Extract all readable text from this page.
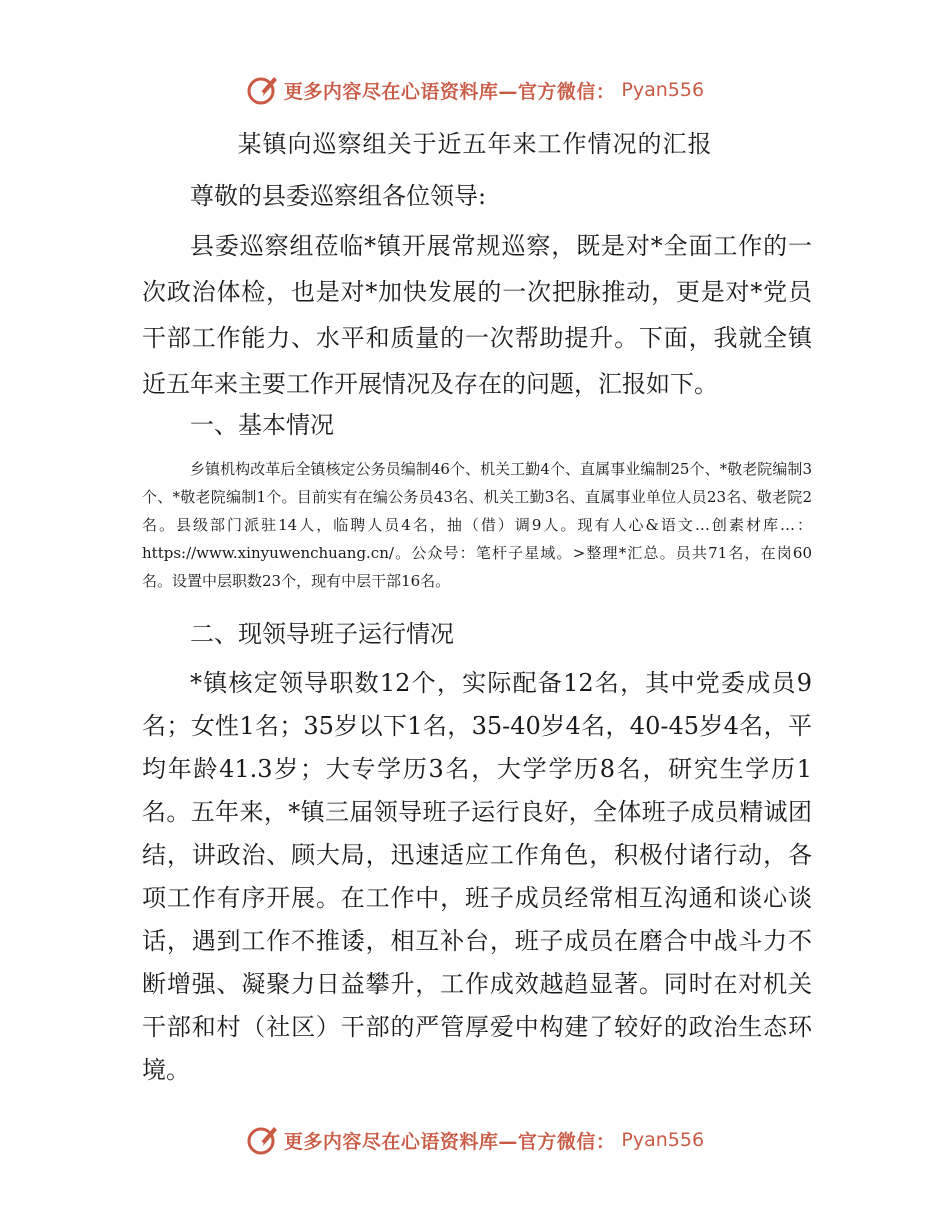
更多内容尽在心语资料库—官方微信： Pyan556
某镇向巡察组关于近五年来工作情况的汇报
尊敬的县委巡察组各位领导:
县委巡察组莅临*镇开展常规巡察，既是对*全面工作的一次政治体检，也是对*加快发展的一次把脉推动，更是对*党员干部工作能力、水平和质量的一次帮助提升。下面，我就全镇近五年来主要工作开展情况及存在的问题，汇报如下。
一、基本情况
乡镇机构改革后全镇核定公务员编制46个、机关工勤4个、直属事业编制25个、*敬老院编制3个、*敬老院编制1个。目前实有在编公务员43名、机关工勤3名、直属事业单位人员23名、敬老院2名。县级部门派驻14人，临聘人员4名，抽（借）调9人。现有人心&语文…创素材库…：https://www.xinyuwenchuang.cn/。公众号：笔杆子星域。>整理*汇总。员共71名，在岗60名。设置中层职数23个，现有中层干部16名。
二、现领导班子运行情况
*镇核定领导职数12个，实际配备12名，其中党委成员9名；女性1名；35岁以下1名，35-40岁4名，40-45岁4名，平均年龄41.3岁；大专学历3名，大学学历8名，研究生学历1名。五年来，*镇三届领导班子运行良好，全体班子成员精诚团结，讲政治、顾大局，迅速适应工作角色，积极付诸行动，各项工作有序开展。在工作中，班子成员经常相互沟通和谈心谈话，遇到工作不推诿，相互补台，班子成员在磨合中战斗力不断增强、凝聚力日益攀升，工作成效越趋显著。同时在对机关干部和村（社区）干部的严管厚爱中构建了较好的政治生态环境。
更多内容尽在心语资料库—官方微信： Pyan556
